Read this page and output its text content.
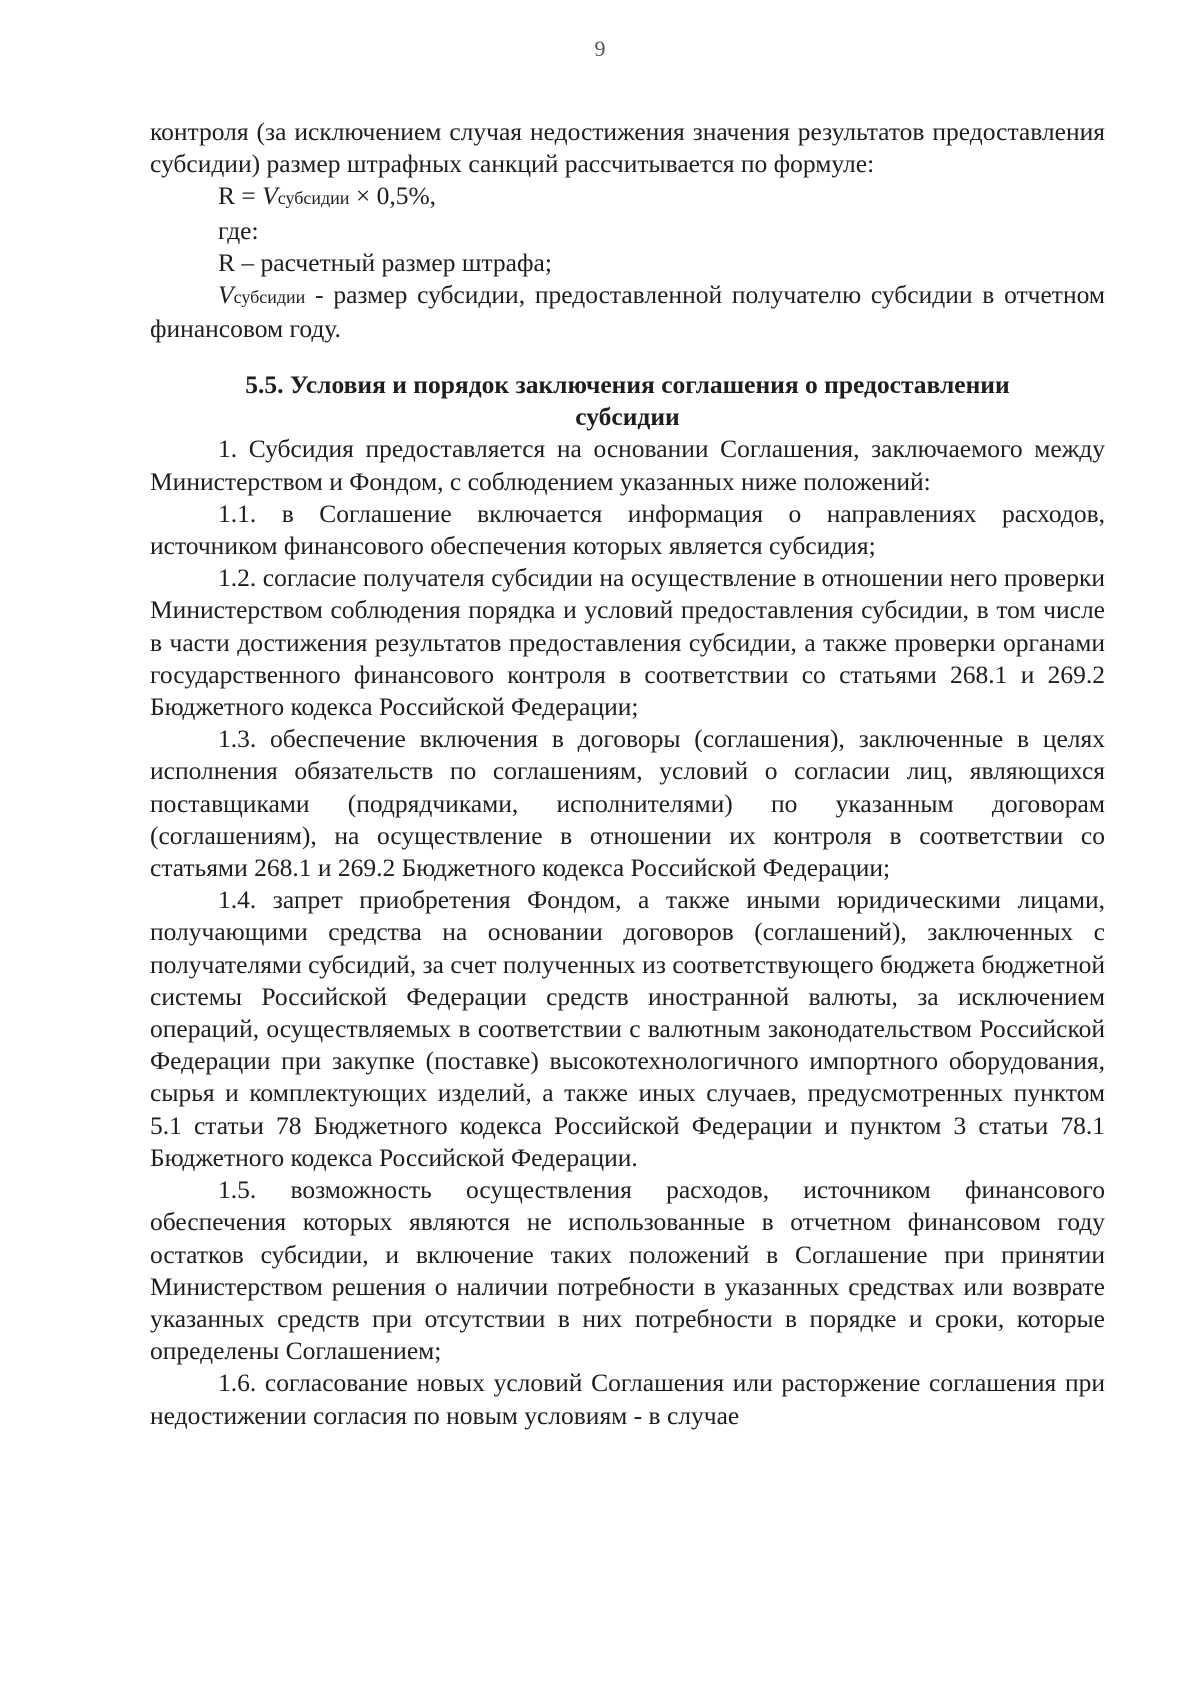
9

контроля (за исключением случая недостижения значения результатов предоставления субсидии) размер штрафных санкций рассчитывается по формуле:

R = Vсубсидии × 0,5%,

где:

R – расчетный размер штрафа;

Vсубсидии - размер субсидии, предоставленной получателю субсидии в отчетном финансовом году.

5.5. Условия и порядок заключения соглашения о предоставлении
субсидии

1. Субсидия предоставляется на основании Соглашения, заключаемого между Министерством и Фондом, с соблюдением указанных ниже положений:

1.1. в Соглашение включается информация о направлениях расходов, источником финансового обеспечения которых является субсидия;

1.2. согласие получателя субсидии на осуществление в отношении него проверки Министерством соблюдения порядка и условий предоставления субсидии, в том числе в части достижения результатов предоставления субсидии, а также проверки органами государственного финансового контроля в соответствии со статьями 268.1 и 269.2 Бюджетного кодекса Российской Федерации;

1.3. обеспечение включения в договоры (соглашения), заключенные в целях исполнения обязательств по соглашениям, условий о согласии лиц, являющихся поставщиками (подрядчиками, исполнителями) по указанным договорам (соглашениям), на осуществление в отношении их контроля в соответствии со статьями 268.1 и 269.2 Бюджетного кодекса Российской Федерации;

1.4. запрет приобретения Фондом, а также иными юридическими лицами, получающими средства на основании договоров (соглашений), заключенных с получателями субсидий, за счет полученных из соответствующего бюджета бюджетной системы Российской Федерации средств иностранной валюты, за исключением операций, осуществляемых в соответствии с валютным законодательством Российской Федерации при закупке (поставке) высокотехнологичного импортного оборудования, сырья и комплектующих изделий, а также иных случаев, предусмотренных пунктом 5.1 статьи 78 Бюджетного кодекса Российской Федерации и пунктом 3 статьи 78.1 Бюджетного кодекса Российской Федерации.

1.5. возможность осуществления расходов, источником финансового обеспечения которых являются не использованные в отчетном финансовом году остатков субсидии, и включение таких положений в Соглашение при принятии Министерством решения о наличии потребности в указанных средствах или возврате указанных средств при отсутствии в них потребности в порядке и сроки, которые определены Соглашением;

1.6. согласование новых условий Соглашения или расторжение соглашения при недостижении согласия по новым условиям - в случае
